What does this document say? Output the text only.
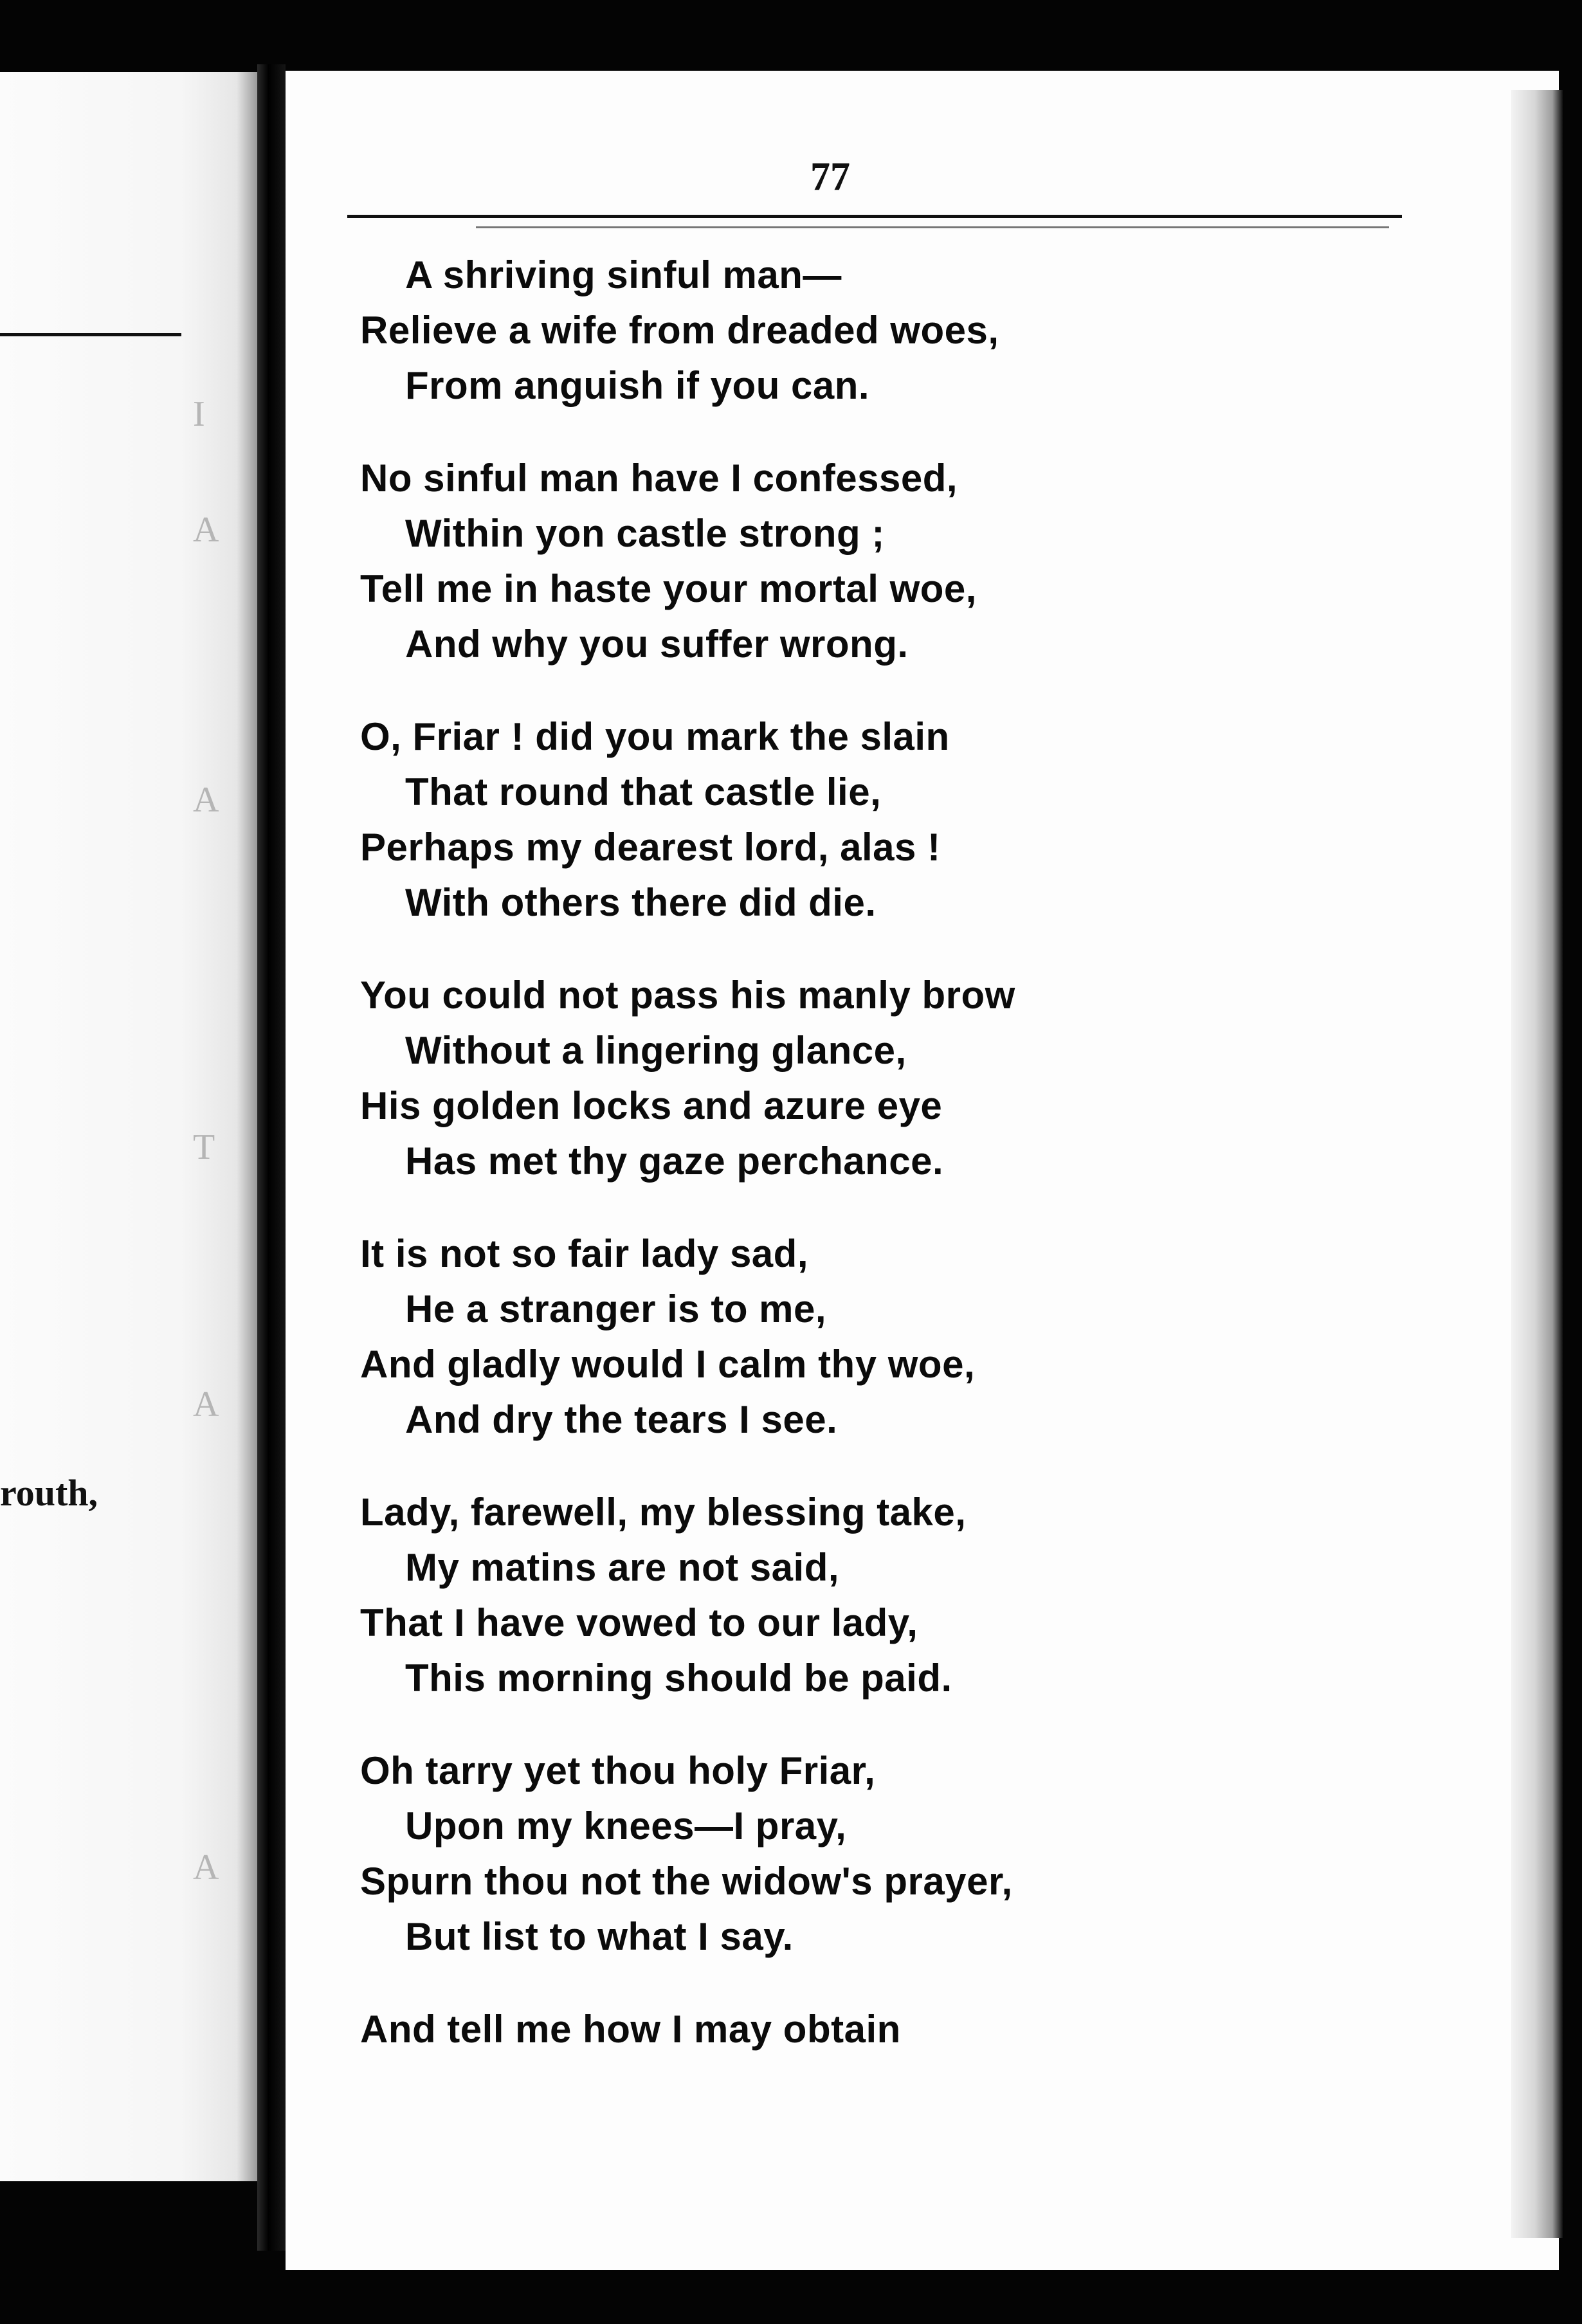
I
A
A
T
A
A
routh,

77
A shriving sinful man—
Relieve a wife from dreaded woes,
From anguish if you can.
No sinful man have I confessed,
Within yon castle strong ;
Tell me in haste your mortal woe,
And why you suffer wrong.
O, Friar ! did you mark the slain
That round that castle lie,
Perhaps my dearest lord, alas !
With others there did die.
You could not pass his manly brow
Without a lingering glance,
His golden locks and azure eye
Has met thy gaze perchance.
It is not so fair lady sad,
He a stranger is to me,
And gladly would I calm thy woe,
And dry the tears I see.
Lady, farewell, my blessing take,
My matins are not said,
That I have vowed to our lady,
This morning should be paid.
Oh tarry yet thou holy Friar,
Upon my knees—I pray,
Spurn thou not the widow's prayer,
But list to what I say.
And tell me how I may obtain
